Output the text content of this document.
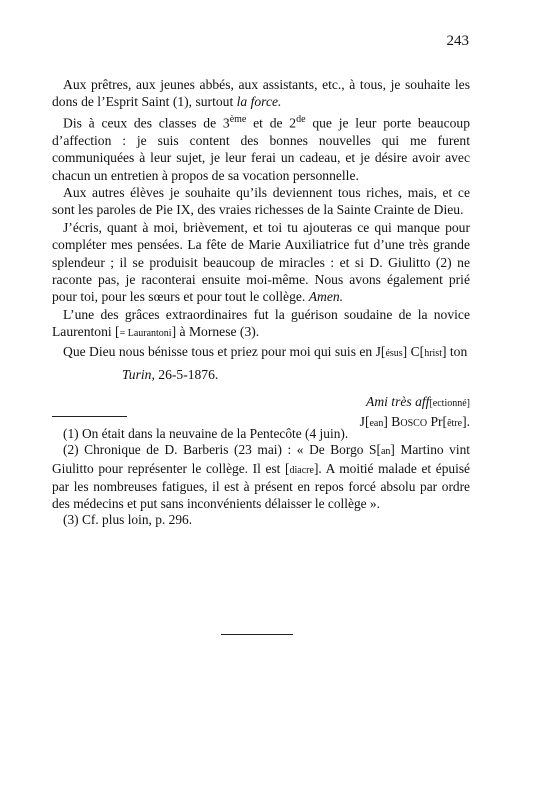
243

Aux prêtres, aux jeunes abbés, aux assistants, etc., à tous, je souhaite les dons de l’Esprit Saint (1), surtout la force.

Dis à ceux des classes de 3ème et de 2de que je leur porte beaucoup d’affection : je suis content des bonnes nouvelles qui me furent communiquées à leur sujet, je leur ferai un cadeau, et je désire avoir avec chacun un entretien à propos de sa vocation personnelle.

Aux autres élèves je souhaite qu’ils deviennent tous riches, mais, et ce sont les paroles de Pie IX, des vraies richesses de la Sainte Crainte de Dieu.

J’écris, quant à moi, brièvement, et toi tu ajouteras ce qui manque pour compléter mes pensées. La fête de Marie Auxiliatrice fut d’une très grande splendeur ; il se produisit beaucoup de miracles : et si D. Giulitto (2) ne raconte pas, je raconterai ensuite moi-même. Nous avons également prié pour toi, pour les sœurs et pour tout le collège. Amen.

L’une des grâces extraordinaires fut la guérison soudaine de la novice Laurentoni [= Laurantoni] à Mornese (3).

Que Dieu nous bénisse tous et priez pour moi qui suis en J[ésus] C[hrist] ton

Turin, 26-5-1876.
Ami très aff[ectionné]
J[ean] Bosco Pr[être].

(1) On était dans la neuvaine de la Pentecôte (4 juin).

(2) Chronique de D. Barberis (23 mai) : « De Borgo S[an] Martino vint Giulitto pour représenter le collège. Il est [diacre]. A moitié malade et épuisé par les nombreuses fatigues, il est à présent en repos forcé absolu par ordre des médecins et put sans inconvénients délaisser le collège ».

(3) Cf. plus loin, p. 296.
